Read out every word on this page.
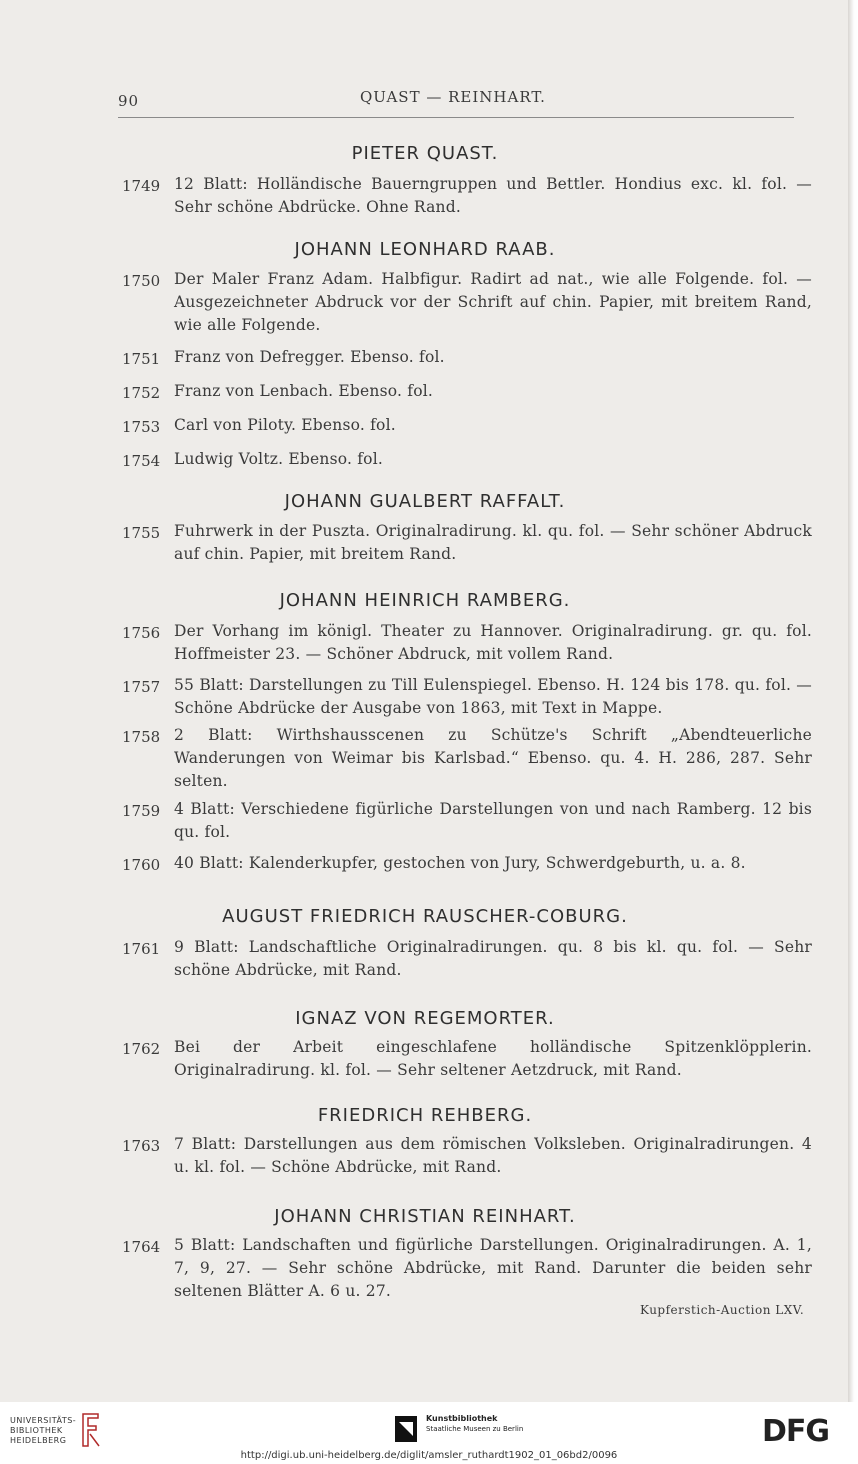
90	QUAST — REINHART.
PIETER QUAST.
1749 12 Blatt: Holländische Bauerngruppen und Bettler. Hondius exc. kl. fol. — Sehr schöne Abdrücke. Ohne Rand.
JOHANN LEONHARD RAAB.
1750 Der Maler Franz Adam. Halbfigur. Radirt ad nat., wie alle Folgende. fol. — Ausgezeichneter Abdruck vor der Schrift auf chin. Papier, mit breitem Rand, wie alle Folgende.
1751 Franz von Defregger. Ebenso. fol.
1752 Franz von Lenbach. Ebenso. fol.
1753 Carl von Piloty. Ebenso. fol.
1754 Ludwig Voltz. Ebenso. fol.
JOHANN GUALBERT RAFFALT.
1755 Fuhrwerk in der Puszta. Originalradirung. kl. qu. fol. — Sehr schöner Abdruck auf chin. Papier, mit breitem Rand.
JOHANN HEINRICH RAMBERG.
1756 Der Vorhang im königl. Theater zu Hannover. Originalradirung. gr. qu. fol. Hoffmeister 23. — Schöner Abdruck, mit vollem Rand.
1757 55 Blatt: Darstellungen zu Till Eulenspiegel. Ebenso. H. 124 bis 178. qu. fol. — Schöne Abdrücke der Ausgabe von 1863, mit Text in Mappe.
1758 2 Blatt: Wirthshausscenen zu Schütze's Schrift „Abendteuerliche Wanderungen von Weimar bis Karlsbad.“ Ebenso. qu. 4. H. 286, 287. Sehr selten.
1759 4 Blatt: Verschiedene figürliche Darstellungen von und nach Ramberg. 12 bis qu. fol.
1760 40 Blatt: Kalenderkupfer, gestochen von Jury, Schwerdgeburth, u. a. 8.
AUGUST FRIEDRICH RAUSCHER-COBURG.
1761 9 Blatt: Landschaftliche Originalradirungen. qu. 8 bis kl. qu. fol. — Sehr schöne Abdrücke, mit Rand.
IGNAZ VON REGEMORTER.
1762 Bei der Arbeit eingeschlafene holländische Spitzenklöpplerin. Originalradirung. kl. fol. — Sehr seltener Aetzdruck, mit Rand.
FRIEDRICH REHBERG.
1763 7 Blatt: Darstellungen aus dem römischen Volksleben. Originalradirungen. 4 u. kl. fol. — Schöne Abdrücke, mit Rand.
JOHANN CHRISTIAN REINHART.
1764 5 Blatt: Landschaften und figürliche Darstellungen. Originalradirungen. A. 1, 7, 9, 27. — Sehr schöne Abdrücke, mit Rand. Darunter die beiden sehr seltenen Blätter A. 6 u. 27.
Kupferstich-Auction LXV.
UNIVERSITÄTS-
BIBLIOTHEK
HEIDELBERG
Kunstbibliothek
Staatliche Museen zu Berlin	DFG
http://digi.ub.uni-heidelberg.de/diglit/amsler_ruthardt1902_01_06bd2/0096
